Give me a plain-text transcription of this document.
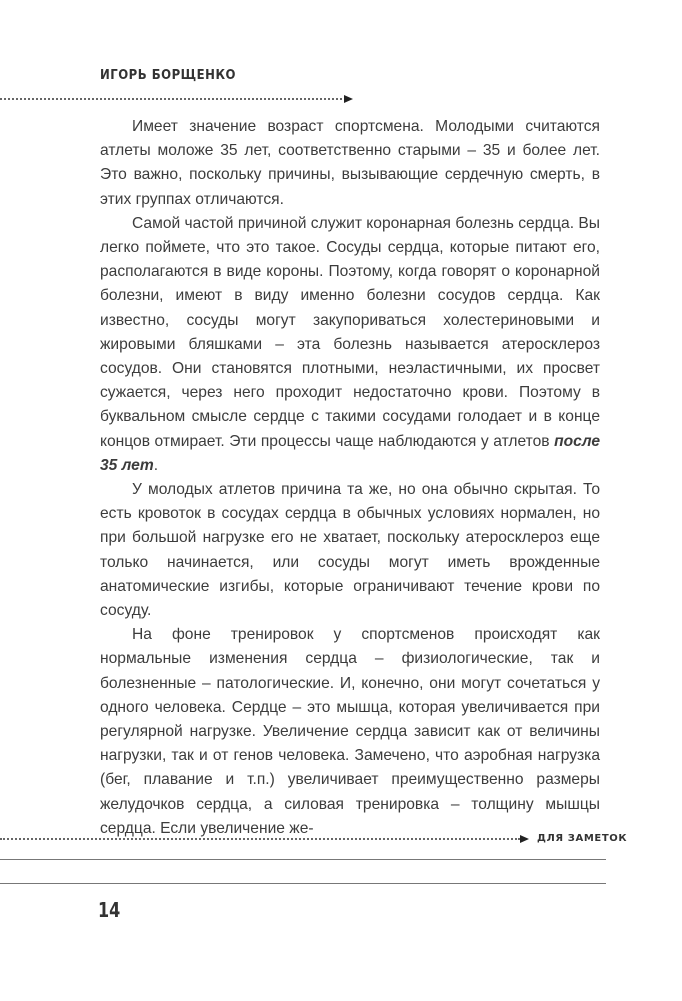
ИГОРЬ БОРЩЕНКО

Имеет значение возраст спортсмена. Молодыми считаются атлеты моложе 35 лет, соответственно старыми – 35 и более лет. Это важно, поскольку причины, вызывающие сердечную смерть, в этих группах отличаются.

Самой частой причиной служит коронарная болезнь сердца. Вы легко поймете, что это такое. Сосуды сердца, которые питают его, располагаются в виде короны. Поэтому, когда говорят о коронарной болезни, имеют в виду именно болезни сосудов сердца. Как известно, сосуды могут закупориваться холестериновыми и жировыми бляшками – эта болезнь называется атеросклероз сосудов. Они становятся плотными, неэластичными, их просвет сужается, через него проходит недостаточно крови. Поэтому в буквальном смысле сердце с такими сосудами голодает и в конце концов отмирает. Эти процессы чаще наблюдаются у атлетов после 35 лет.

У молодых атлетов причина та же, но она обычно скрытая. То есть кровоток в сосудах сердца в обычных условиях нормален, но при большой нагрузке его не хватает, поскольку атеросклероз еще только начинается, или сосуды могут иметь врожденные анатомические изгибы, которые ограничивают течение крови по сосуду.

На фоне тренировок у спортсменов происходят как нормальные изменения сердца – физиологические, так и болезненные – патологические. И, конечно, они могут сочетаться у одного человека. Сердце – это мышца, которая увеличивается при регулярной нагрузке. Увеличение сердца зависит как от величины нагрузки, так и от генов человека. Замечено, что аэробная нагрузка (бег, плавание и т.п.) увеличивает преимущественно размеры желудочков сердца, а силовая тренировка – толщину мышцы сердца. Если увеличение же-

ДЛЯ ЗАМЕТОК
14
